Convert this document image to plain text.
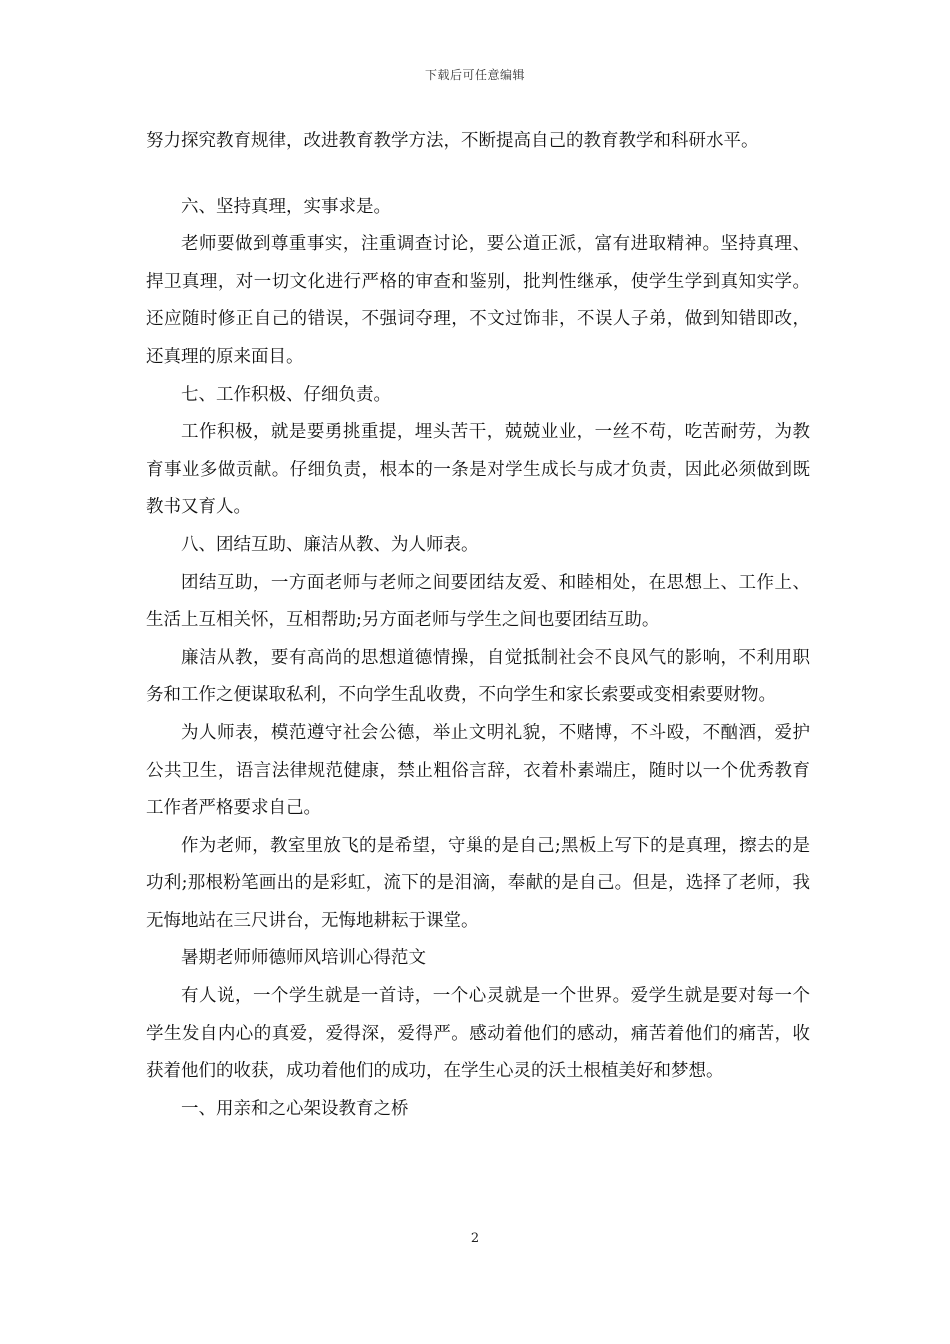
下载后可任意编辑

努力探究教育规律，改进教育教学方法，不断提高自己的教育教学和科研水平。

六、坚持真理，实事求是。

老师要做到尊重事实，注重调查讨论，要公道正派，富有进取精神。坚持真理、捍卫真理，对一切文化进行严格的审查和鉴别，批判性继承，使学生学到真知实学。还应随时修正自己的错误，不强词夺理，不文过饰非，不误人子弟，做到知错即改，还真理的原来面目。

七、工作积极、仔细负责。

工作积极，就是要勇挑重提，埋头苦干，兢兢业业，一丝不苟，吃苦耐劳，为教育事业多做贡献。仔细负责，根本的一条是对学生成长与成才负责，因此必须做到既教书又育人。

八、团结互助、廉洁从教、为人师表。

团结互助，一方面老师与老师之间要团结友爱、和睦相处，在思想上、工作上、生活上互相关怀，互相帮助;另方面老师与学生之间也要团结互助。

廉洁从教，要有高尚的思想道德情操，自觉抵制社会不良风气的影响，不利用职务和工作之便谋取私利，不向学生乱收费，不向学生和家长索要或变相索要财物。

为人师表，模范遵守社会公德，举止文明礼貌，不赌博，不斗殴，不酗酒，爱护公共卫生，语言法律规范健康，禁止粗俗言辞，衣着朴素端庄，随时以一个优秀教育工作者严格要求自己。

作为老师，教室里放飞的是希望，守巢的是自己;黑板上写下的是真理，擦去的是功利;那根粉笔画出的是彩虹，流下的是泪滴，奉献的是自己。但是，选择了老师，我无悔地站在三尺讲台，无悔地耕耘于课堂。

暑期老师师德师风培训心得范文

有人说，一个学生就是一首诗，一个心灵就是一个世界。爱学生就是要对每一个学生发自内心的真爱，爱得深，爱得严。感动着他们的感动，痛苦着他们的痛苦，收获着他们的收获，成功着他们的成功，在学生心灵的沃土根植美好和梦想。

一、用亲和之心架设教育之桥

2
